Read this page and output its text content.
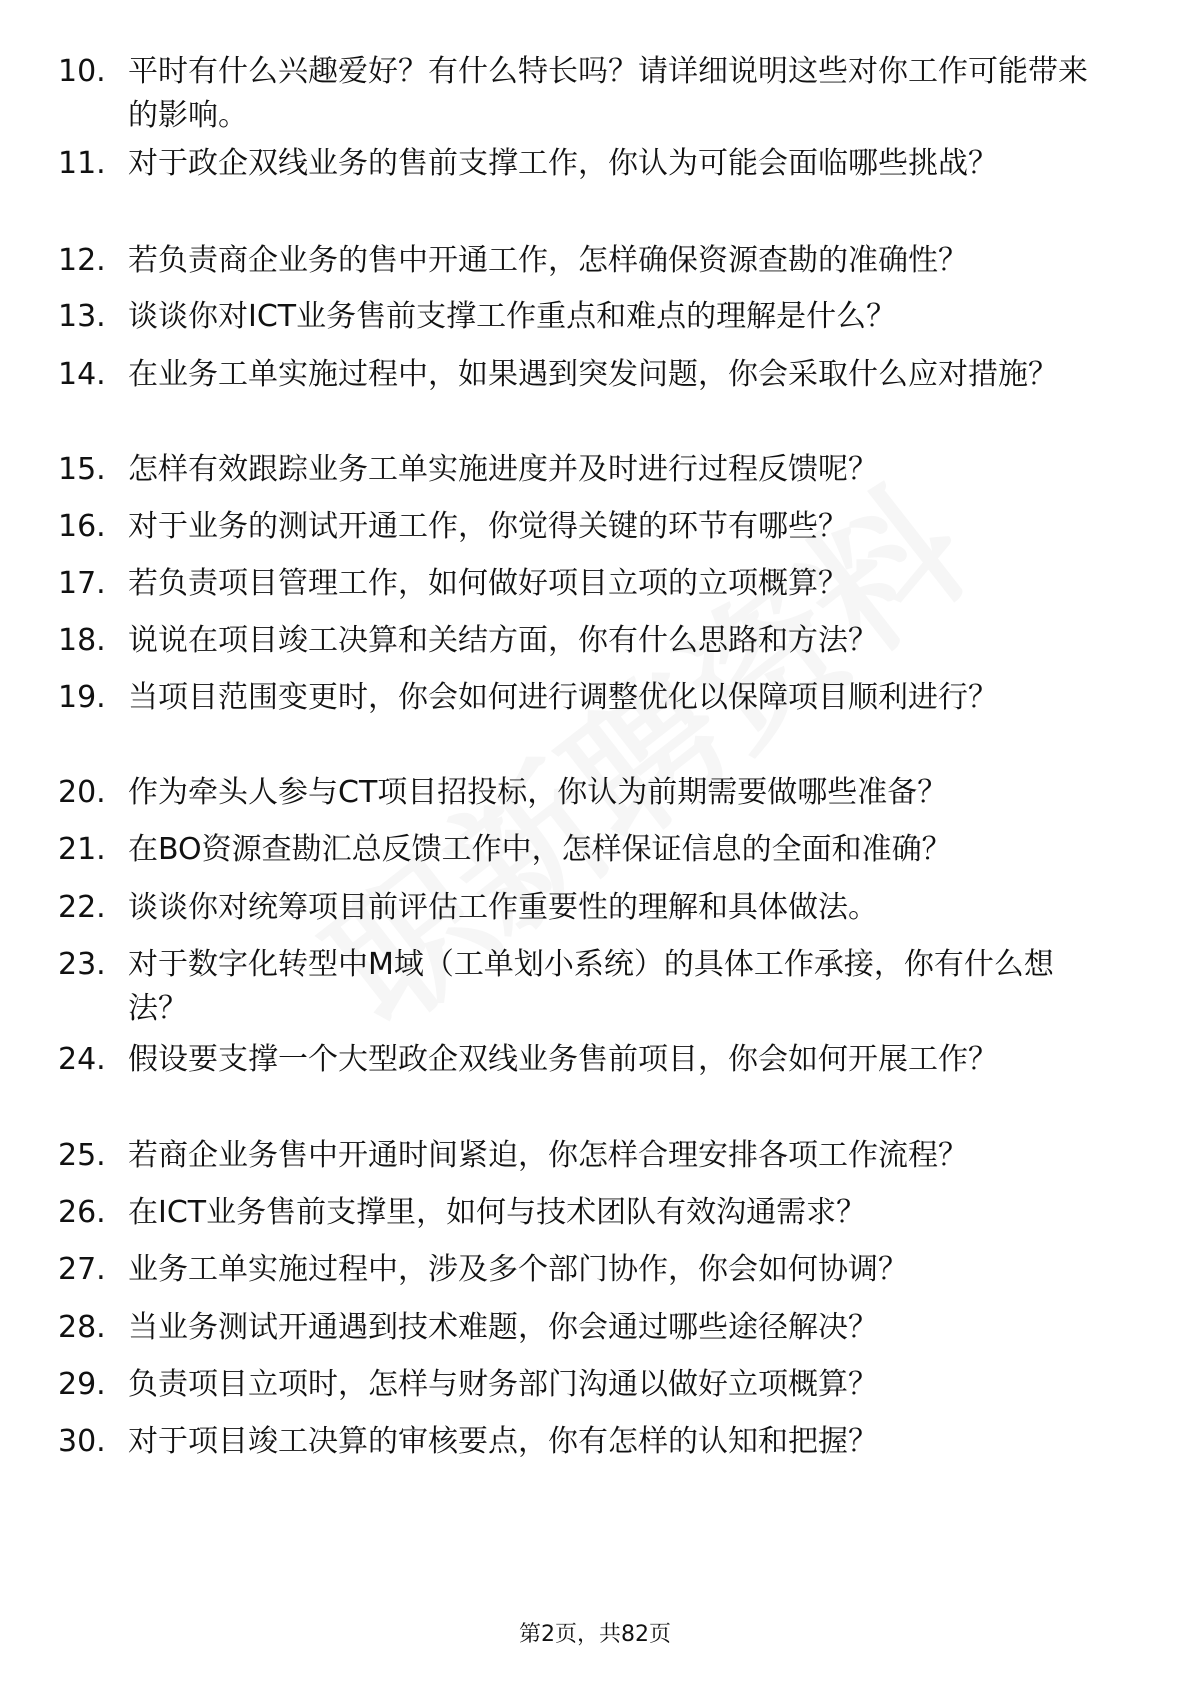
10. 平时有什么兴趣爱好？有什么特长吗？请详细说明这些对你工作可能带来的影响。
11. 对于政企双线业务的售前支撑工作，你认为可能会面临哪些挑战？
12. 若负责商企业务的售中开通工作，怎样确保资源查勘的准确性？
13. 谈谈你对ICT业务售前支撑工作重点和难点的理解是什么？
14. 在业务工单实施过程中，如果遇到突发问题，你会采取什么应对措施？
15. 怎样有效跟踪业务工单实施进度并及时进行过程反馈呢？
16. 对于业务的测试开通工作，你觉得关键的环节有哪些？
17. 若负责项目管理工作，如何做好项目立项的立项概算？
18. 说说在项目竣工决算和关结方面，你有什么思路和方法？
19. 当项目范围变更时，你会如何进行调整优化以保障项目顺利进行？
20. 作为牵头人参与CT项目招投标，你认为前期需要做哪些准备？
21. 在BO资源查勘汇总反馈工作中，怎样保证信息的全面和准确？
22. 谈谈你对统筹项目前评估工作重要性的理解和具体做法。
23. 对于数字化转型中M域（工单划小系统）的具体工作承接，你有什么想法？
24. 假设要支撑一个大型政企双线业务售前项目，你会如何开展工作？
25. 若商企业务售中开通时间紧迫，你怎样合理安排各项工作流程？
26. 在ICT业务售前支撑里，如何与技术团队有效沟通需求？
27. 业务工单实施过程中，涉及多个部门协作，你会如何协调？
28. 当业务测试开通遇到技术难题，你会通过哪些途径解决？
29. 负责项目立项时，怎样与财务部门沟通以做好立项概算？
30. 对于项目竣工决算的审核要点，你有怎样的认知和把握？
第2页，共82页
